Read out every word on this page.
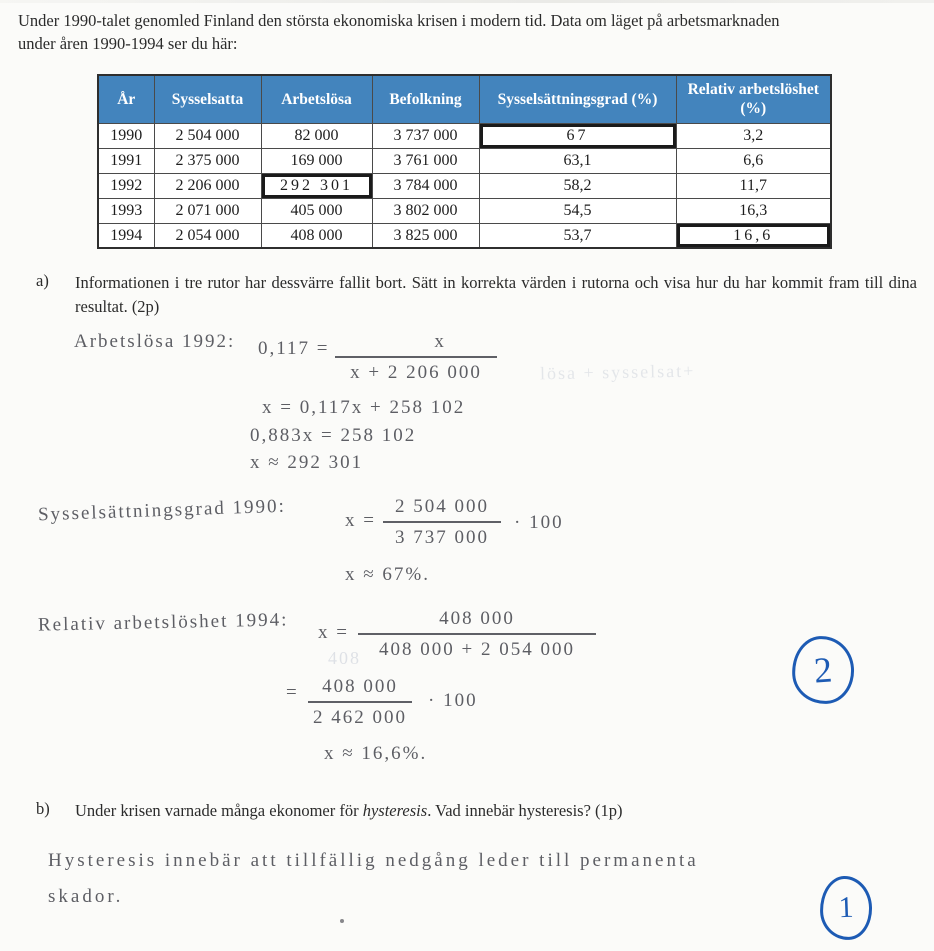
Under 1990-talet genomled Finland den största ekonomiska krisen i modern tid. Data om läget på arbetsmarknaden
under åren 1990-1994 ser du här:
År	Sysselsatta	Arbetslösa	Befolkning	Sysselsättningsgrad (%)	Relativ arbetslöshet (%)
1990	2 504 000	82 000	3 737 000	67	3,2
1991	2 375 000	169 000	3 761 000	63,1	6,6
1992	2 206 000	292 301	3 784 000	58,2	11,7
1993	2 071 000	405 000	3 802 000	54,5	16,3
1994	2 054 000	408 000	3 825 000	53,7	16,6
a)	Informationen i tre rutor har dessvärre fallit bort. Sätt in korrekta värden i rutorna och visa hur du har kommit fram till dina resultat. (2p)
Arbetslösa 1992: 0,117 =	x
x + 2 206 000	lösa + sysselsat+
x = 0,117x + 258 102
0,883x = 258 102
x ≈ 292 301
Sysselsättningsgrad 1990:	x =
2 504 000
3 737 000
· 100
x ≈ 67%.
Relativ arbetslöshet 1994: x =
408 000
408 000 + 2 054 000
408
=	408 000
2 462 000
· 100
x ≈ 16,6%.
2
b)	Under krisen varnade många ekonomer för hysteresis. Vad innebär hysteresis? (1p)
Hysteresis innebär att tillfällig nedgång leder till permanenta
skador.	1
